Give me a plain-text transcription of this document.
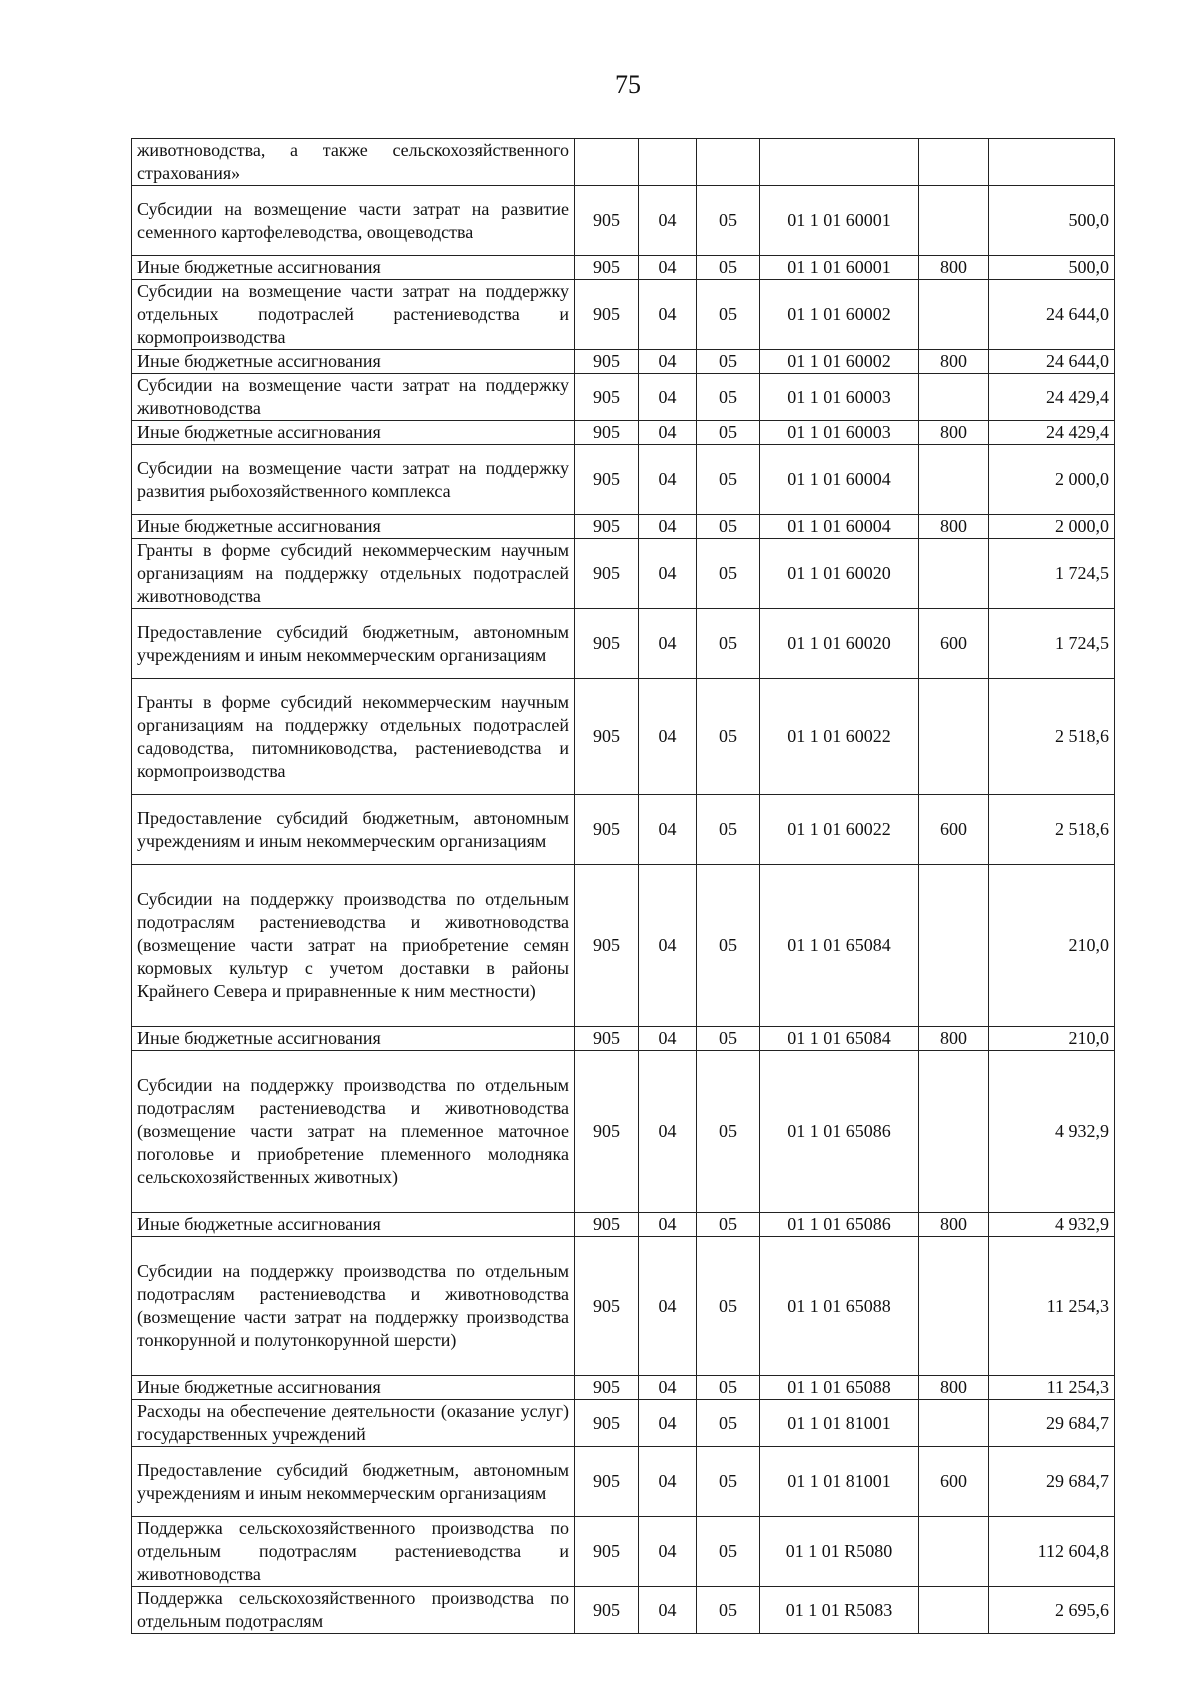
75
животноводства, а также сельскохозяйственного страхования»						
Субсидии на возмещение части затрат на развитие семенного картофелеводства, овощеводства	905	04	05	01 1 01 60001		500,0
Иные бюджетные ассигнования	905	04	05	01 1 01 60001	800	500,0
Субсидии на возмещение части затрат на поддержку отдельных подотраслей растениеводства и кормопроизводства	905	04	05	01 1 01 60002		24 644,0
Иные бюджетные ассигнования	905	04	05	01 1 01 60002	800	24 644,0
Субсидии на возмещение части затрат на поддержку животноводства	905	04	05	01 1 01 60003		24 429,4
Иные бюджетные ассигнования	905	04	05	01 1 01 60003	800	24 429,4
Субсидии на возмещение части затрат на поддержку развития рыбохозяйственного комплекса	905	04	05	01 1 01 60004		2 000,0
Иные бюджетные ассигнования	905	04	05	01 1 01 60004	800	2 000,0
Гранты в форме субсидий некоммерческим научным организациям на поддержку отдельных подотраслей животноводства	905	04	05	01 1 01 60020		1 724,5
Предоставление субсидий бюджетным, автономным учреждениям и иным некоммерческим организациям	905	04	05	01 1 01 60020	600	1 724,5
Гранты в форме субсидий некоммерческим научным организациям на поддержку отдельных подотраслей садоводства, питомниководства, растениеводства и кормопроизводства	905	04	05	01 1 01 60022		2 518,6
Предоставление субсидий бюджетным, автономным учреждениям и иным некоммерческим организациям	905	04	05	01 1 01 60022	600	2 518,6
Субсидии на поддержку производства по отдельным подотраслям растениеводства и животноводства (возмещение части затрат на приобретение семян кормовых культур с учетом доставки в районы Крайнего Севера и приравненные к ним местности)	905	04	05	01 1 01 65084		210,0
Иные бюджетные ассигнования	905	04	05	01 1 01 65084	800	210,0
Субсидии на поддержку производства по отдельным подотраслям растениеводства и животноводства (возмещение части затрат на племенное маточное поголовье и приобретение племенного молодняка сельскохозяйственных животных)	905	04	05	01 1 01 65086		4 932,9
Иные бюджетные ассигнования	905	04	05	01 1 01 65086	800	4 932,9
Субсидии на поддержку производства по отдельным подотраслям растениеводства и животноводства (возмещение части затрат на поддержку производства тонкорунной и полутонкорунной шерсти)	905	04	05	01 1 01 65088		11 254,3
Иные бюджетные ассигнования	905	04	05	01 1 01 65088	800	11 254,3
Расходы на обеспечение деятельности (оказание услуг) государственных учреждений	905	04	05	01 1 01 81001		29 684,7
Предоставление субсидий бюджетным, автономным учреждениям и иным некоммерческим организациям	905	04	05	01 1 01 81001	600	29 684,7
Поддержка сельскохозяйственного производства по отдельным подотраслям растениеводства и животноводства	905	04	05	01 1 01 R5080		112 604,8
Поддержка сельскохозяйственного производства по отдельным подотраслям	905	04	05	01 1 01 R5083		2 695,6
